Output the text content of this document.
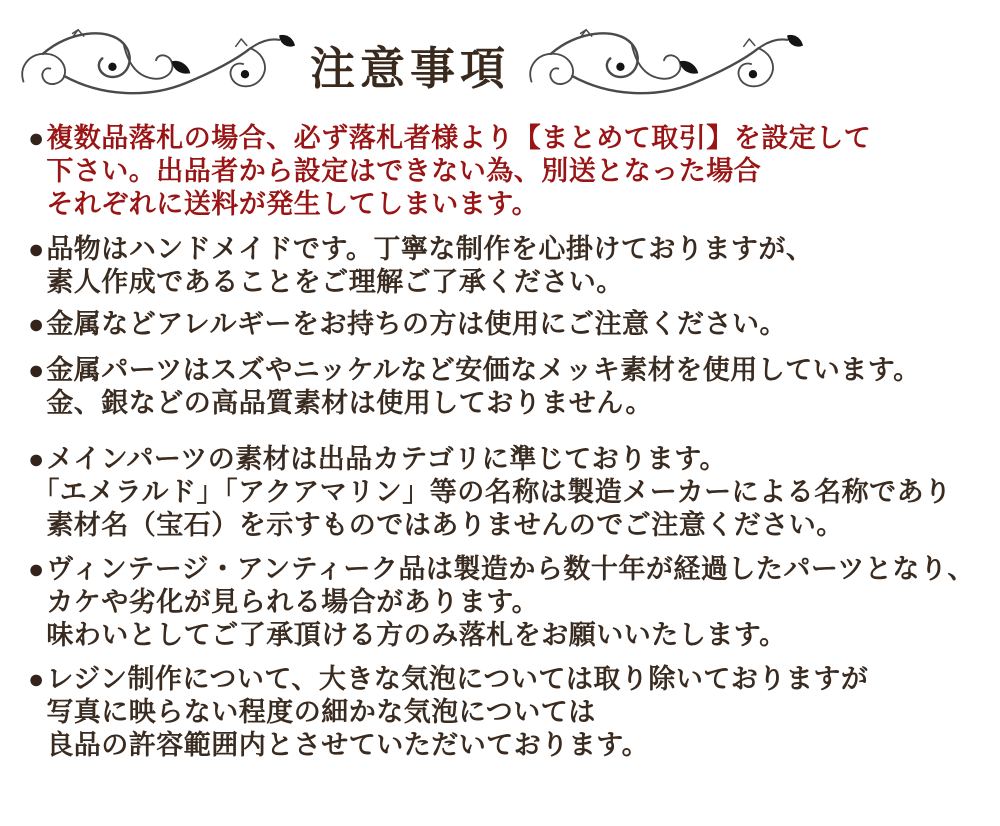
注意事項
● 複数品落札の場合、必ず落札者様より【まとめて取引】を設定して
下さい。出品者から設定はできない為、別送となった場合
それぞれに送料が発生してしまいます。
● 品物はハンドメイドです。丁寧な制作を心掛けておりますが、
素人作成であることをご理解ご了承ください。
● 金属などアレルギーをお持ちの方は使用にご注意ください。
● 金属パーツはスズやニッケルなど安価なメッキ素材を使用しています。
金、銀などの高品質素材は使用しておりません。
● メインパーツの素材は出品カテゴリに準じております。
「エメラルド」「アクアマリン」等の名称は製造メーカーによる名称であり
素材名（宝石）を示すものではありませんのでご注意ください。
● ヴィンテージ・アンティーク品は製造から数十年が経過したパーツとなり、
カケや劣化が見られる場合があります。
味わいとしてご了承頂ける方のみ落札をお願いいたします。
● レジン制作について、大きな気泡については取り除いておりますが
写真に映らない程度の細かな気泡については
良品の許容範囲内とさせていただいております。
